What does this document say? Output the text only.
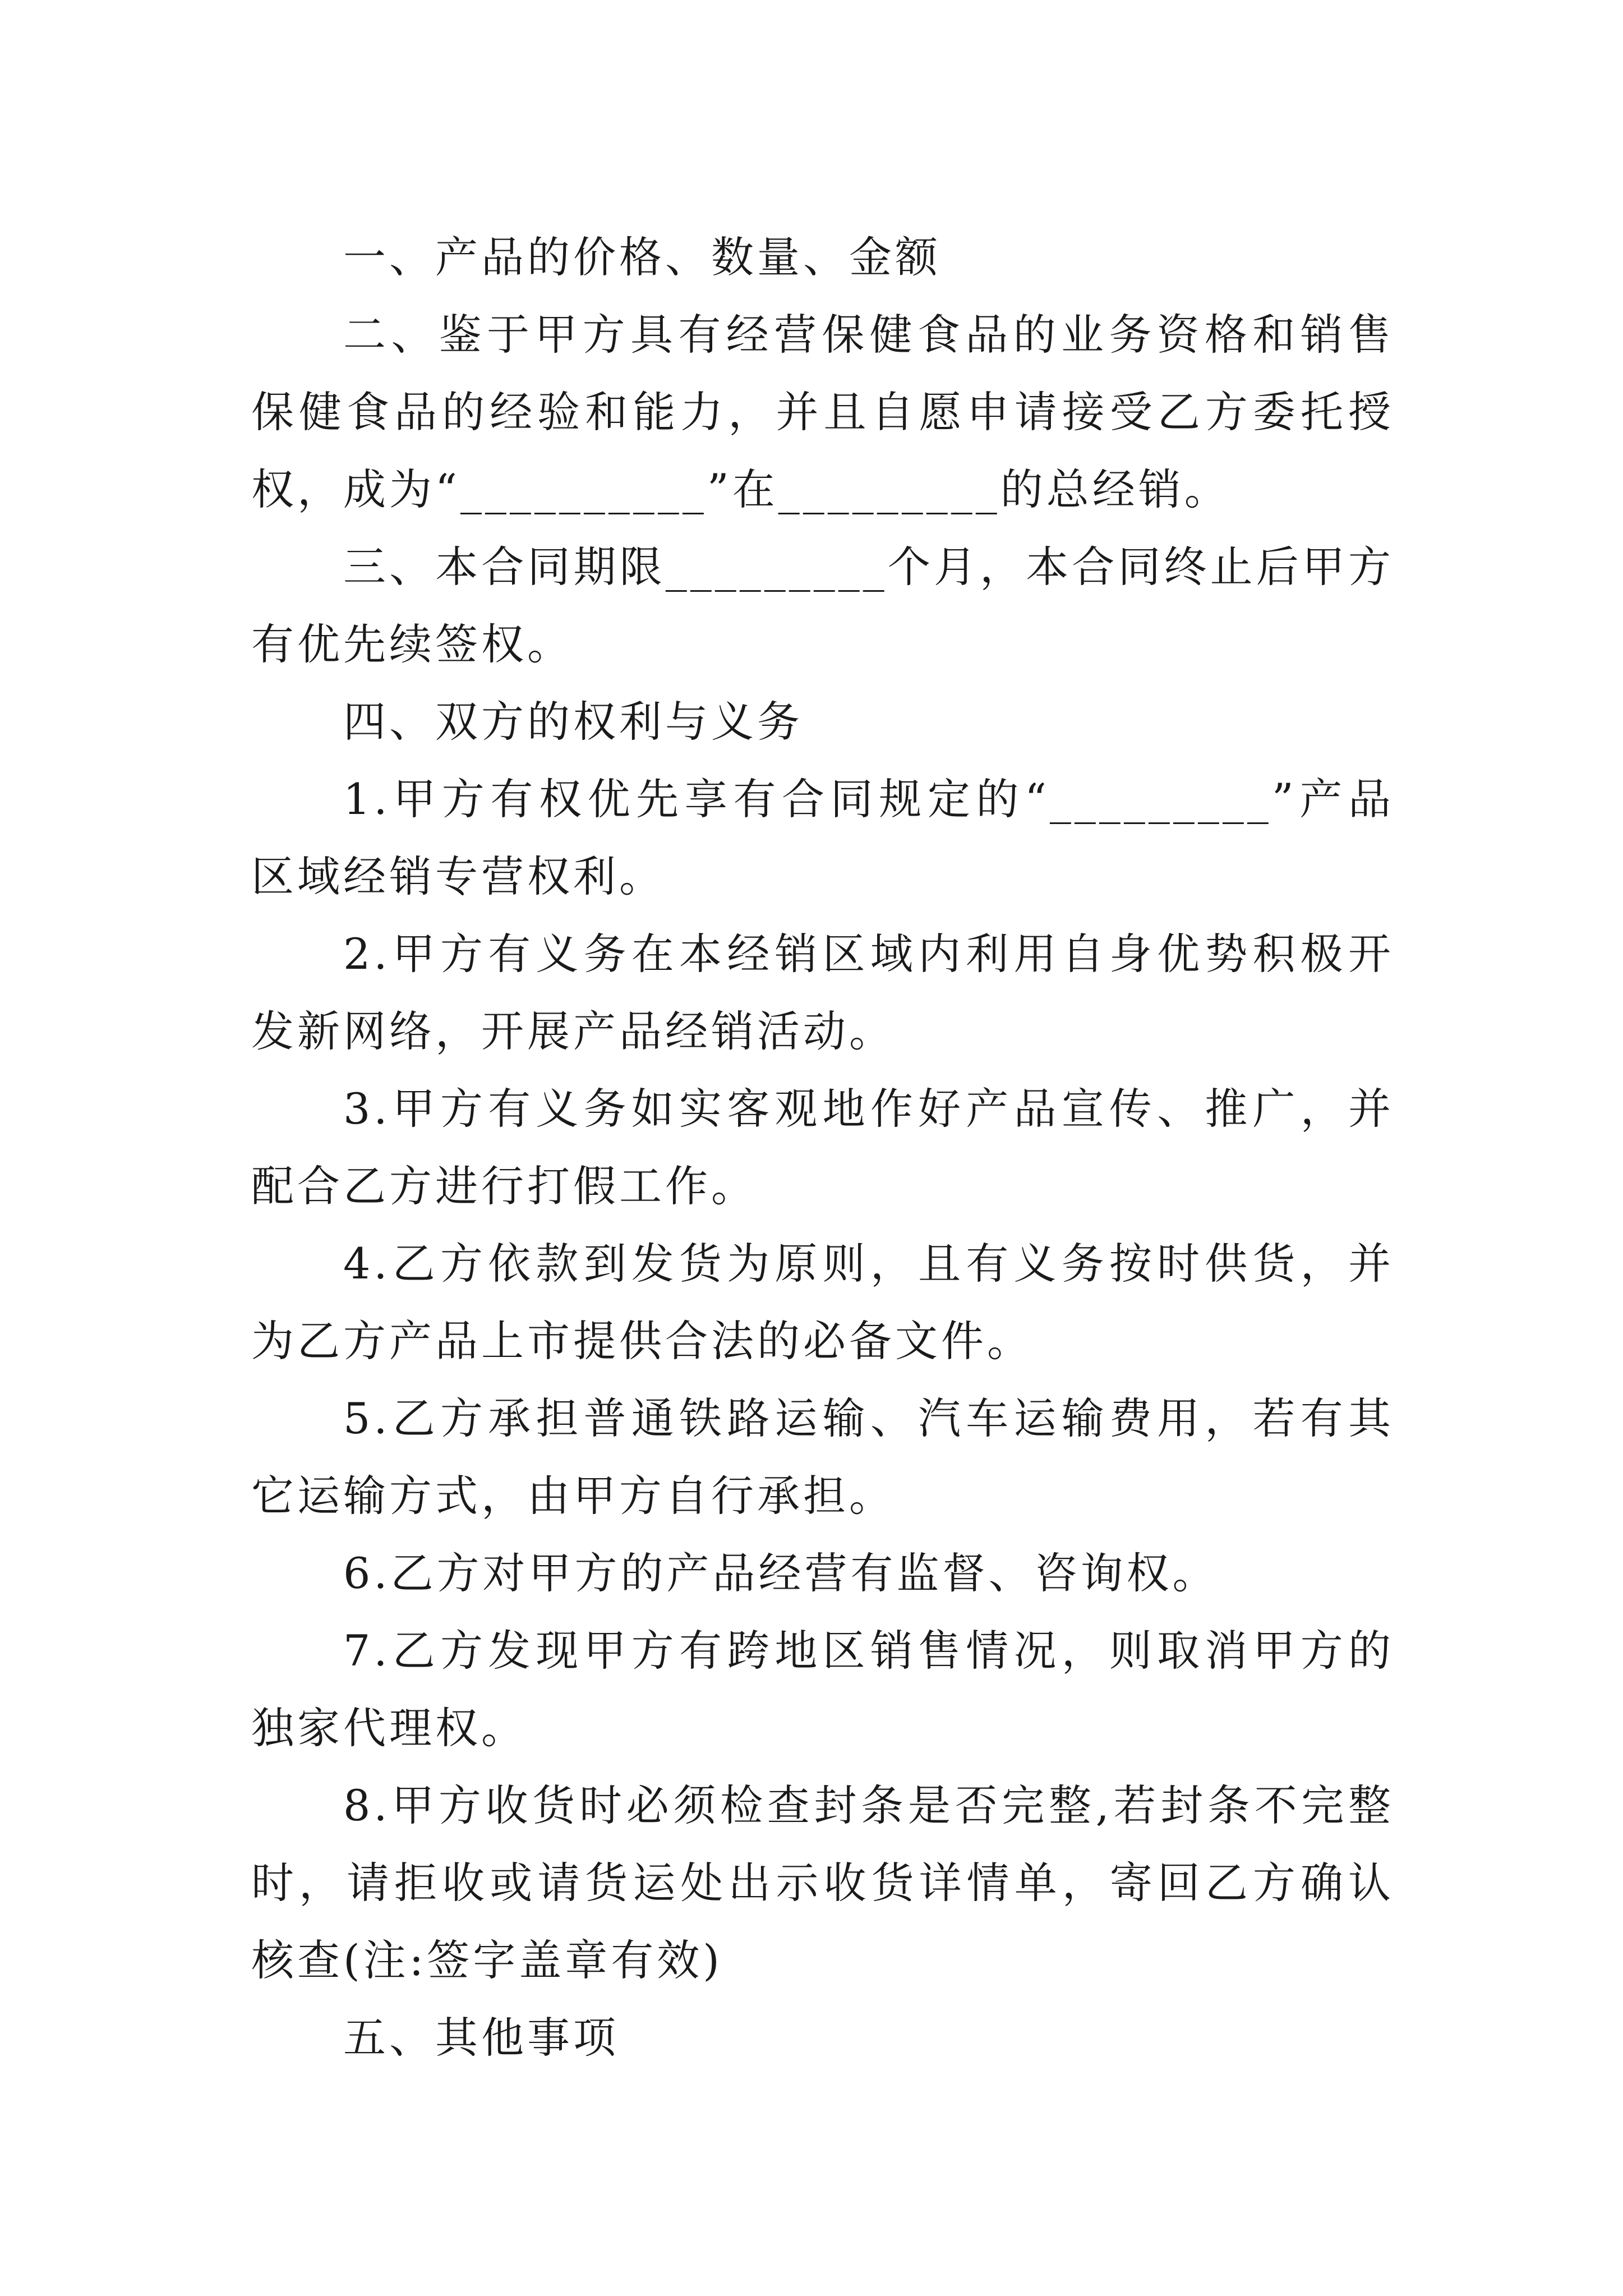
一、产品的价格、数量、金额

二、鉴于甲方具有经营保健食品的业务资格和销售保健食品的经验和能力，并且自愿申请接受乙方委托授权，成为“__________”在_________的总经销。

三、本合同期限_________个月，本合同终止后甲方有优先续签权。

四、双方的权利与义务

1.甲方有权优先享有合同规定的“_________”产品区域经销专营权利。

2.甲方有义务在本经销区域内利用自身优势积极开发新网络，开展产品经销活动。

3.甲方有义务如实客观地作好产品宣传、推广，并配合乙方进行打假工作。

4.乙方依款到发货为原则，且有义务按时供货，并为乙方产品上市提供合法的必备文件。

5.乙方承担普通铁路运输、汽车运输费用，若有其它运输方式，由甲方自行承担。

6.乙方对甲方的产品经营有监督、咨询权。

7.乙方发现甲方有跨地区销售情况，则取消甲方的独家代理权。

8.甲方收货时必须检查封条是否完整,若封条不完整时，请拒收或请货运处出示收货详情单，寄回乙方确认核查(注:签字盖章有效)

五、其他事项
